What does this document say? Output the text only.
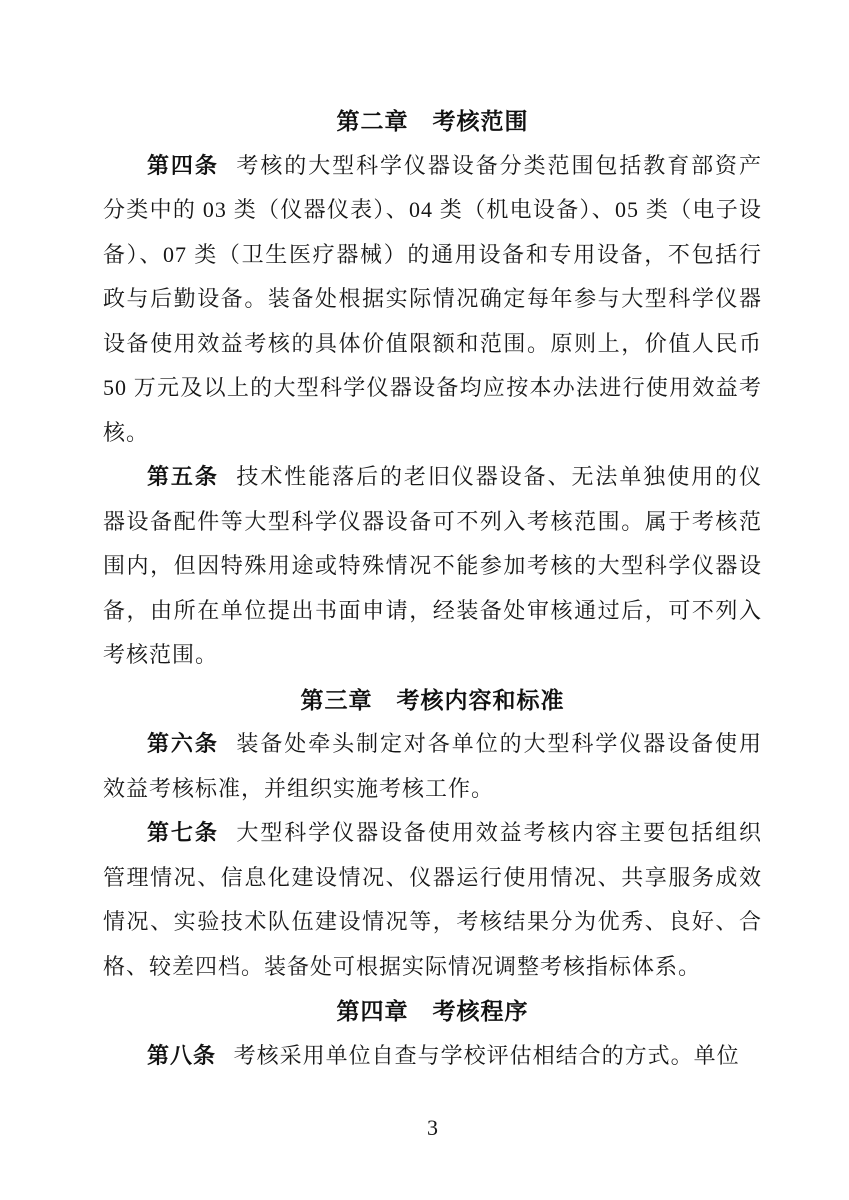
第二章　考核范围

第四条 考核的大型科学仪器设备分类范围包括教育部资产分类中的 03 类（仪器仪表）、04 类（机电设备）、05 类（电子设备）、07 类（卫生医疗器械）的通用设备和专用设备，不包括行政与后勤设备。装备处根据实际情况确定每年参与大型科学仪器设备使用效益考核的具体价值限额和范围。原则上，价值人民币 50 万元及以上的大型科学仪器设备均应按本办法进行使用效益考核。

第五条 技术性能落后的老旧仪器设备、无法单独使用的仪器设备配件等大型科学仪器设备可不列入考核范围。属于考核范围内，但因特殊用途或特殊情况不能参加考核的大型科学仪器设备，由所在单位提出书面申请，经装备处审核通过后，可不列入考核范围。

第三章　考核内容和标准

第六条 装备处牵头制定对各单位的大型科学仪器设备使用效益考核标准，并组织实施考核工作。

第七条 大型科学仪器设备使用效益考核内容主要包括组织管理情况、信息化建设情况、仪器运行使用情况、共享服务成效情况、实验技术队伍建设情况等，考核结果分为优秀、良好、合格、较差四档。装备处可根据实际情况调整考核指标体系。

第四章　考核程序

第八条 考核采用单位自查与学校评估相结合的方式。单位

3
